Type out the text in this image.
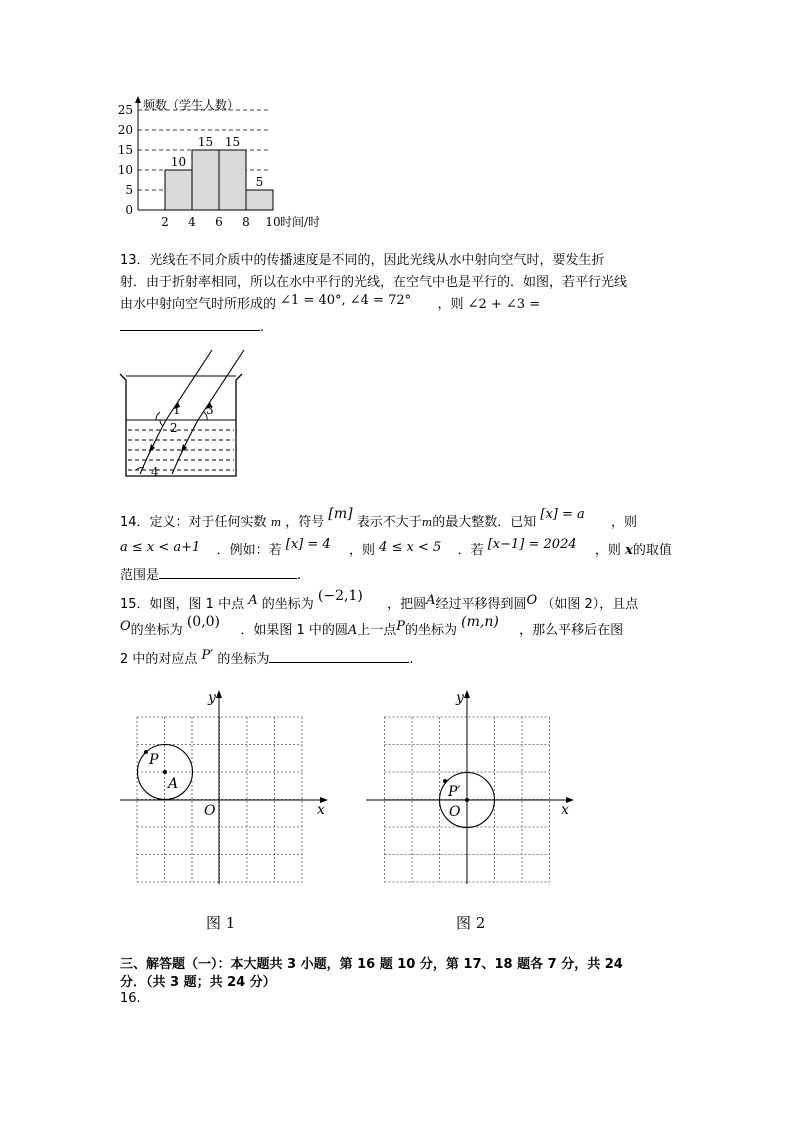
0
5
10
15
20
25
2 4 6 8 10
10
15 15
5
频数（学生人数）
时间/时
13．光线在不同介质中的传播速度是不同的，因此光线从水中射向空气时，要发生折
射．由于折射率相同，所以在水中平行的光线，在空气中也是平行的．如图，若平行光线
由水中射向空气时所形成的 ∠1 = 40°, ∠4 = 72° ，则 ∠2 + ∠3 =
.
1
2
3
4
14．定义：对于任何实数 m ，符号 [m] 表示不大于m的最大整数．已知 [x] = a  ，则
a ≤ x < a+1 ．例如：若 [x] = 4 ，则 4 ≤ x < 5 ．若 [x−1] = 2024 ，则 x的取值
范围是	.
15．如图，图 1 中点 A 的坐标为 (−2,1)  ，把圆A经过平移得到圆O （如图 2），且点
O的坐标为 (0,0)  ．如果图 1 中的圆A上一点P的坐标为 (m,n)  ，那么平移后在图
2 中的对应点 P′ 的坐标为	.
y
x
O
P
A
图 1
y
x
O
P′
图 2
三、解答题（一）：本大题共 3 小题，第 16 题 10 分，第 17、18 题各 7 分，共 24
分．（共 3 题；共 24 分）
16.
